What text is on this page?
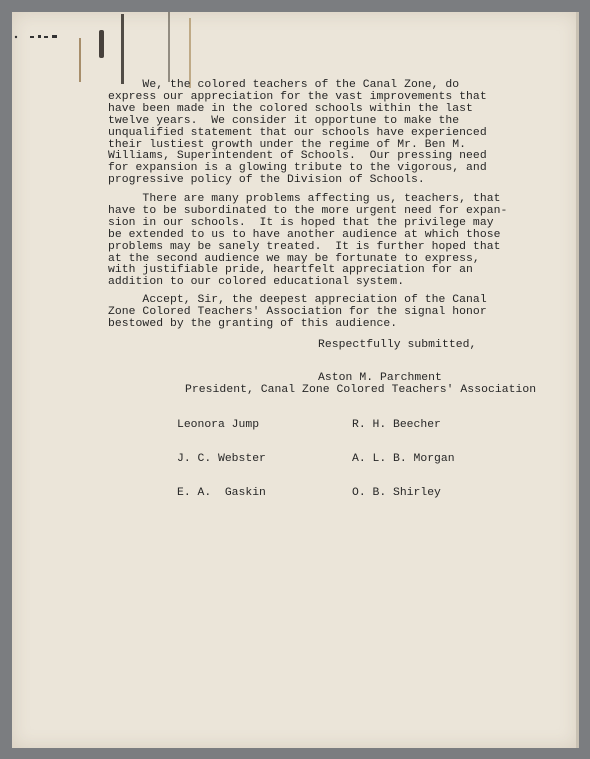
We, the colored teachers of the Canal Zone, do
express our appreciation for the vast improvements that
have been made in the colored schools within the last
twelve years.  We consider it opportune to make the
unqualified statement that our schools have experienced
their lustiest growth under the regime of Mr. Ben M.
Williams, Superintendent of Schools.  Our pressing need
for expansion is a glowing tribute to the vigorous, and
progressive policy of the Division of Schools.
There are many problems affecting us, teachers, that
have to be subordinated to the more urgent need for expan-
sion in our schools.  It is hoped that the privilege may
be extended to us to have another audience at which those
problems may be sanely treated.  It is further hoped that
at the second audience we may be fortunate to express,
with justifiable pride, heartfelt appreciation for an
addition to our colored educational system.
Accept, Sir, the deepest appreciation of the Canal
Zone Colored Teachers' Association for the signal honor
bestowed by the granting of this audience.
Respectfully submitted,
Aston M. Parchment
President, Canal Zone Colored Teachers' Association
Leonora Jump
J. C. Webster
E. A.  Gaskin
R. H. Beecher
A. L. B. Morgan
O. B. Shirley
